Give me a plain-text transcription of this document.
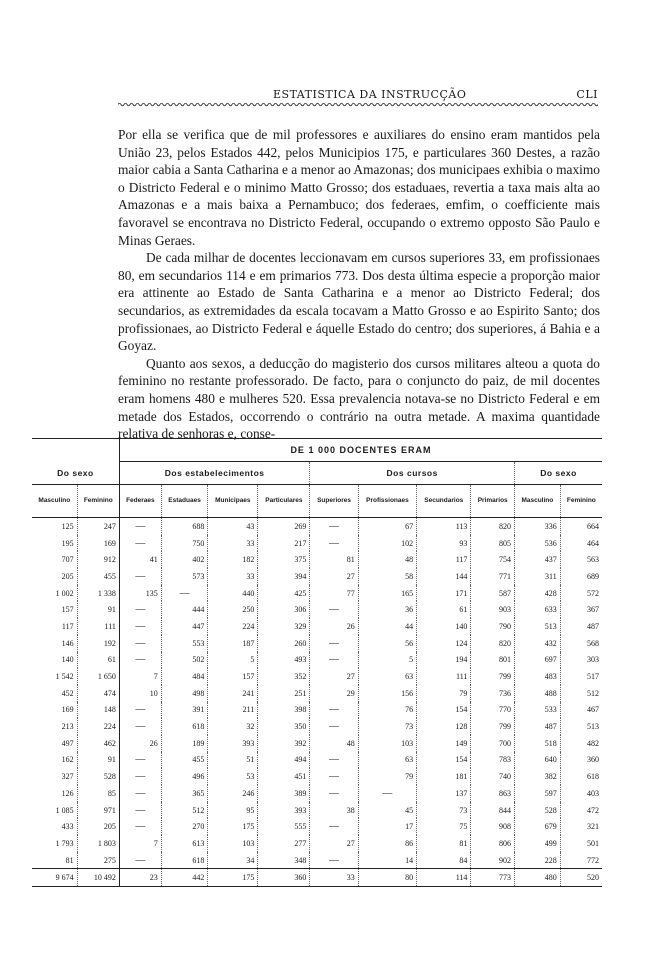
ESTATISTICA DA INSTRUCÇÃO	CLI

Por ella se verifica que de mil professores e auxiliares do ensino eram mantidos pela União 23, pelos Estados 442, pelos Municipios 175, e particulares 360 Destes, a razão maior cabia a Santa Catharina e a menor ao Amazonas; dos municipaes exhibia o maximo o Districto Federal e o minimo Matto Grosso; dos estaduaes, revertia a taxa mais alta ao Amazonas e a mais baixa a Pernambuco; dos federaes, emfim, o coefficiente mais favoravel se encontrava no Districto Federal, occupando o extremo opposto São Paulo e Minas Geraes.

De cada milhar de docentes leccionavam em cursos superiores 33, em profissionaes 80, em secundarios 114 e em primarios 773. Dos desta última especie a proporção maior era attinente ao Estado de Santa Catharina e a menor ao Districto Federal; dos secundarios, as extremidades da escala tocavam a Matto Grosso e ao Espirito Santo; dos profissionaes, ao Districto Federal e áquelle Estado do centro; dos superiores, á Bahia e a Goyaz.

Quanto aos sexos, a deducção do magisterio dos cursos militares alteou a quota do feminino no restante professorado. De facto, para o conjuncto do paiz, de mil docentes eram homens 480 e mulheres 520. Essa prevalencia notava-se no Districto Federal e em metade dos Estados, occorrendo o contrário na outra metade. A maxima quantidade relativa de senhoras e, conse-

		DE 1 000 DOCENTES ERAM									
Do sexo		Dos estabelecimentos				Dos cursos				Do sexo	
Masculino	Feminino	Federaes	Estaduaes	Municipaes	Particulares	Superiores	Profissionaes	Secundarios	Primarios	Masculino	Feminino
125	247	—	688	43	269	—	67	113	820	336	664
195	169	—	750	33	217	—	102	93	805	536	464
707	912	41	402	182	375	81	48	117	754	437	563
205	455	—	573	33	394	27	58	144	771	311	689
1 002	1 338	135	—	440	425	77	165	171	587	428	572
157	91	—	444	250	306	—	36	61	903	633	367
117	111	—	447	224	329	26	44	140	790	513	487
146	192	—	553	187	260	—	56	124	820	432	568
140	61	—	502	5	493	—	5	194	801	697	303
1 542	1 650	7	484	157	352	27	63	111	799	483	517
452	474	10	498	241	251	29	156	79	736	488	512
169	148	—	391	211	398	—	76	154	770	533	467
213	224	—	618	32	350	—	73	128	799	487	513
497	462	26	189	393	392	48	103	149	700	518	482
162	91	—	455	51	494	—	63	154	783	640	360
327	528	—	496	53	451	—	79	181	740	382	618
126	85	—	365	246	389	—	—	137	863	597	403
1 085	971	—	512	95	393	38	45	73	844	528	472
433	205	—	270	175	555	—	17	75	908	679	321
1 793	1 803	7	613	103	277	27	86	81	806	499	501
81	275	—	618	34	348	—	14	84	902	228	772
9 674	10 492	23	442	175	360	33	80	114	773	480	520
